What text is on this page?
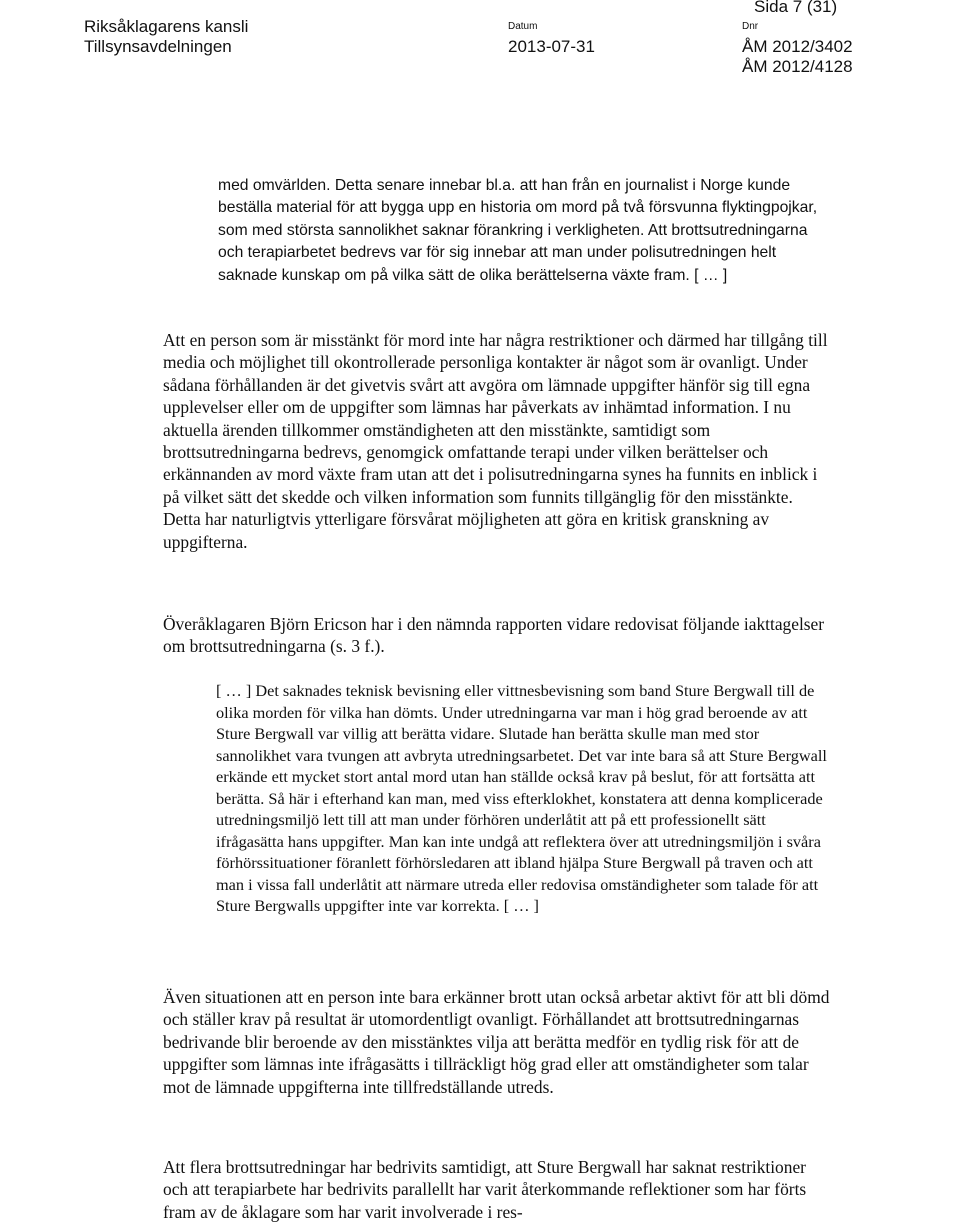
Riksåklagarens kansli
Tillsynsavdelningen
Datum
2013-07-31
Dnr
ÅM 2012/3402
ÅM 2012/4128
Sida 7 (31)

med omvärlden. Detta senare innebar bl.a. att han från en journalist i Norge kunde beställa material för att bygga upp en historia om mord på två försvunna flyktingpojkar, som med största sannolikhet saknar förankring i verkligheten. Att brottsutredningarna och terapiarbetet bedrevs var för sig innebar att man under polisutredningen helt saknade kunskap om på vilka sätt de olika berättelserna växte fram. [ … ]

Att en person som är misstänkt för mord inte har några restriktioner och därmed har tillgång till media och möjlighet till okontrollerade personliga kontakter är något som är ovanligt. Under sådana förhållanden är det givetvis svårt att avgöra om lämnade uppgifter hänför sig till egna upplevelser eller om de uppgifter som lämnas har påverkats av inhämtad information. I nu aktuella ärenden tillkommer omständigheten att den misstänkte, samtidigt som brottsutredningarna bedrevs, genomgick omfattande terapi under vilken berättelser och erkännanden av mord växte fram utan att det i polisutredningarna synes ha funnits en inblick i på vilket sätt det skedde och vilken information som funnits tillgänglig för den misstänkte. Detta har naturligtvis ytterligare försvårat möjligheten att göra en kritisk granskning av uppgifterna.

Överåklagaren Björn Ericson har i den nämnda rapporten vidare redovisat följande iakttagelser om brottsutredningarna (s. 3 f.).

[ … ] Det saknades teknisk bevisning eller vittnesbevisning som band Sture Bergwall till de olika morden för vilka han dömts. Under utredningarna var man i hög grad beroende av att Sture Bergwall var villig att berätta vidare. Slutade han berätta skulle man med stor sannolikhet vara tvungen att avbryta utredningsarbetet. Det var inte bara så att Sture Bergwall erkände ett mycket stort antal mord utan han ställde också krav på beslut, för att fortsätta att berätta. Så här i efterhand kan man, med viss efterklokhet, konstatera att denna komplicerade utredningsmiljö lett till att man under förhören underlåtit att på ett professionellt sätt ifrågasätta hans uppgifter. Man kan inte undgå att reflektera över att utredningsmiljön i svåra förhörssituationer föranlett förhörsledaren att ibland hjälpa Sture Bergwall på traven och att man i vissa fall underlåtit att närmare utreda eller redovisa omständigheter som talade för att Sture Bergwalls uppgifter inte var korrekta. [ … ]

Även situationen att en person inte bara erkänner brott utan också arbetar aktivt för att bli dömd och ställer krav på resultat är utomordentligt ovanligt. Förhållandet att brottsutredningarnas bedrivande blir beroende av den misstänktes vilja att berätta medför en tydlig risk för att de uppgifter som lämnas inte ifrågasätts i tillräckligt hög grad eller att omständigheter som talar mot de lämnade uppgifterna inte tillfredställande utreds.

Att flera brottsutredningar har bedrivits samtidigt, att Sture Bergwall har saknat restriktioner och att terapiarbete har bedrivits parallellt har varit återkommande reflektioner som har förts fram av de åklagare som har varit involverade i res-
